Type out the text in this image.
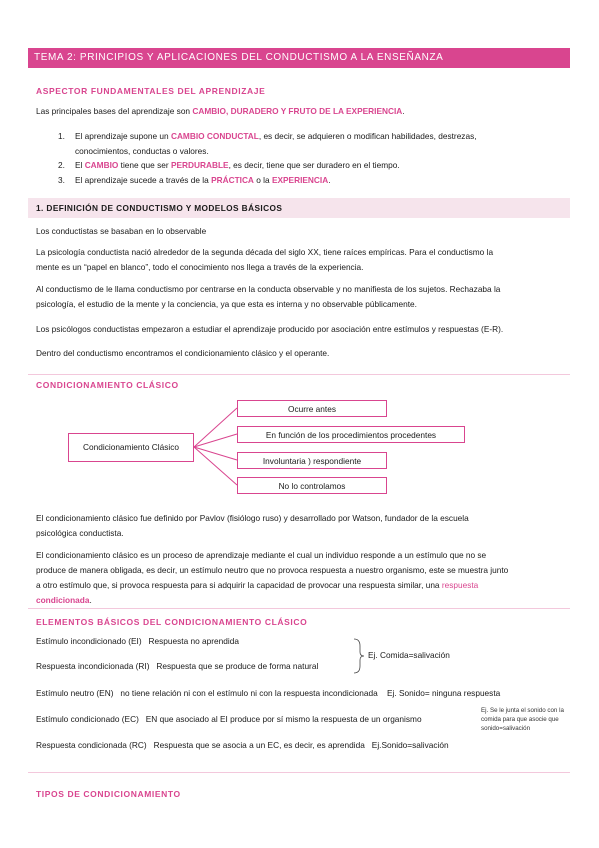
TEMA 2: PRINCIPIOS Y APLICACIONES DEL CONDUCTISMO A LA ENSEÑANZA
ASPECTOR FUNDAMENTALES DEL APRENDIZAJE
Las principales bases del aprendizaje son CAMBIO, DURADERO Y FRUTO DE LA EXPERIENCIA.
1.	El aprendizaje supone un CAMBIO CONDUCTAL, es decir, se adquieren o modifican habilidades, destrezas,
conocimientos, conductas o valores.
2.	El CAMBIO tiene que ser PERDURABLE, es decir, tiene que ser duradero en el tiempo.
3.	El aprendizaje sucede a través de la PRÁCTICA o la EXPERIENCIA.
1. DEFINICIÓN DE CONDUCTISMO Y MODELOS BÁSICOS
Los conductistas se basaban en lo observable
La psicología conductista nació alrededor de la segunda década del siglo XX, tiene raíces empíricas. Para el conductismo la
mente es un “papel en blanco”, todo el conocimiento nos llega a través de la experiencia.
Al conductismo de le llama conductismo por centrarse en la conducta observable y no manifiesta de los sujetos. Rechazaba la
psicología, el estudio de la mente y la conciencia, ya que esta es interna y no observable públicamente.
Los psicólogos conductistas empezaron a estudiar el aprendizaje producido por asociación entre estímulos y respuestas (E-R).
Dentro del conductismo encontramos el condicionamiento clásico y el operante.
CONDICIONAMIENTO CLÁSICO
Condicionamiento Clásico
Ocurre antes
En función de los procedimientos procedentes
Involuntaria ) respondiente
No lo controlamos
El condicionamiento clásico fue definido por Pavlov (fisiólogo ruso) y desarrollado por Watson, fundador de la escuela
psicológica conductista.
El condicionamiento clásico es un proceso de aprendizaje mediante el cual un individuo responde a un estímulo que no se
produce de manera obligada, es decir, un estímulo neutro que no provoca respuesta a nuestro organismo, este se muestra junto
a otro estímulo que, si provoca respuesta para si adquirir la capacidad de provocar una respuesta similar, una respuesta
condicionada.
ELEMENTOS BÁSICOS DEL CONDICIONAMIENTO CLÁSICO
Estímulo incondicionado (EI) Respuesta no aprendida
Respuesta incondicionada (RI) Respuesta que se produce de forma natural
Ej. Comida=salivación
Estímulo neutro (EN) no tiene relación ni con el estímulo ni con la respuesta incondicionada Ej. Sonido= ninguna respuesta
Ej. Se le junta el sonido con la
comida para que asocie que
sonido=salivación
Estímulo condicionado (EC) EN que asociado al EI produce por sí mismo la respuesta de un organismo
Respuesta condicionada (RC) Respuesta que se asocia a un EC, es decir, es aprendida Ej.Sonido=salivación
TIPOS DE CONDICIONAMIENTO
